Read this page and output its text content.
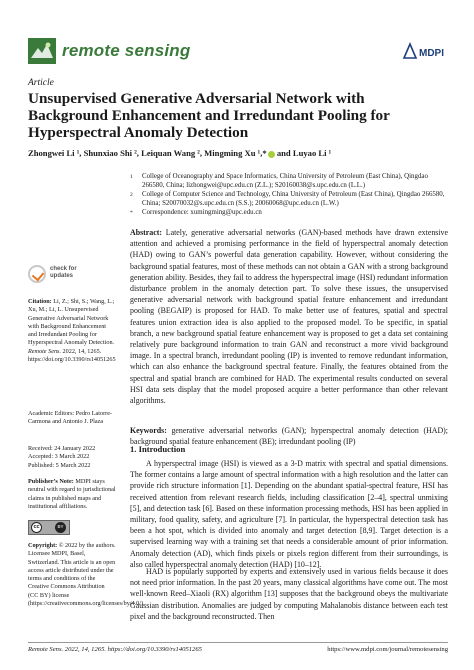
remote sensing	MDPI
Article
Unsupervised Generative Adversarial Network with Background Enhancement and Irredundant Pooling for Hyperspectral Anomaly Detection
Zhongwei Li ¹, Shunxiao Shi ², Leiquan Wang ², Mingming Xu ¹,* and Luyao Li ¹
1	College of Oceanography and Space Informatics, China University of Petroleum (East China), Qingdao 266580, China; lizhongwei@upc.edu.cn (Z.L.); S20160038@s.upc.edu.cn (L.L.)
2	College of Computer Science and Technology, China University of Petroleum (East China), Qingdao 266580, China; S20070032@s.upc.edu.cn (S.S.); 20060068@upc.edu.cn (L.W.)
*	Correspondence: xumingming@upc.edu.cn
Abstract: Lately, generative adversarial networks (GAN)-based methods have drawn extensive attention and achieved a promising performance in the field of hyperspectral anomaly detection (HAD) owing to GAN’s powerful data generation capability. However, without considering the background spatial features, most of these methods can not obtain a GAN with a strong background generation ability. Besides, they fail to address the hyperspectral image (HSI) redundant information disturbance problem in the anomaly detection part. To solve these issues, the unsupervised generative adversarial network with background spatial feature enhancement and irredundant pooling (BEGAIP) is proposed for HAD. To make better use of features, spatial and spectral features union extraction idea is also applied to the proposed model. To be specific, in spatial branch, a new background spatial feature enhancement way is proposed to get a data set containing relatively pure background information to train GAN and reconstruct a more vivid background image. In a spectral branch, irredundant pooling (IP) is invented to remove redundant information, which can also enhance the background spectral feature. Finally, the features obtained from the spectral and spatial branch are combined for HAD. The experimental results conducted on several HSI data sets display that the model proposed acquire a better performance than other relevant algorithms.
Keywords: generative adversarial networks (GAN); hyperspectral anomaly detection (HAD); background spatial feature enhancement (BE); irredundant pooling (IP)
check for
updates
Citation: Li, Z.; Shi, S.; Wang, L.; Xu, M.; Li, L. Unsupervised Generative Adversarial Network with Background Enhancement and Irredundant Pooling for Hyperspectral Anomaly Detection. Remote Sens. 2022, 14, 1265. https://doi.org/10.3390/rs14051265
Academic Editors: Pedro Latorre-Carmona and Antonio J. Plaza
Received: 24 January 2022
Accepted: 3 March 2022
Published: 5 March 2022
Publisher’s Note: MDPI stays neutral with regard to jurisdictional claims in published maps and institutional affiliations.
cc	BY
Copyright: © 2022 by the authors. Licensee MDPI, Basel, Switzerland. This article is an open access article distributed under the terms and conditions of the Creative Commons Attribution (CC BY) license (https://creativecommons.org/licenses/by/4.0/).
1. Introduction
A hyperspectral image (HSI) is viewed as a 3-D matrix with spectral and spatial dimensions. The former contains a large amount of spectral information with a high resolution and the latter can provide rich structure information [1]. Depending on the abundant spatial-spectral feature, HSI has received attention from relevant research fields, including classification [2–4], spectral unmixing [5], and detection task [6]. Based on these information processing methods, HSI has been applied in military, food quality, safety, and agriculture [7]. In particular, the hyperspectral detection task has been a hot spot, which is divided into anomaly and target detection [8,9]. Target detection is a supervised learning way with a training set that needs a considerable amount of prior information. Anomaly detection (AD), which finds pixels or pixels region different from their surroundings, is also called hyperspectral anomaly detection (HAD) [10–12].
HAD is popularly supported by experts and extensively used in various fields because it does not need prior information. In the past 20 years, many classical algorithms have come out. The most well-known Reed–Xiaoli (RX) algorithm [13] supposes that the background obeys the multivariate Gaussian distribution. Anomalies are judged by computing Mahalanobis distance between each test pixel and the background reconstructed. Then
Remote Sens. 2022, 14, 1265. https://doi.org/10.3390/rs14051265	https://www.mdpi.com/journal/remotesensing
